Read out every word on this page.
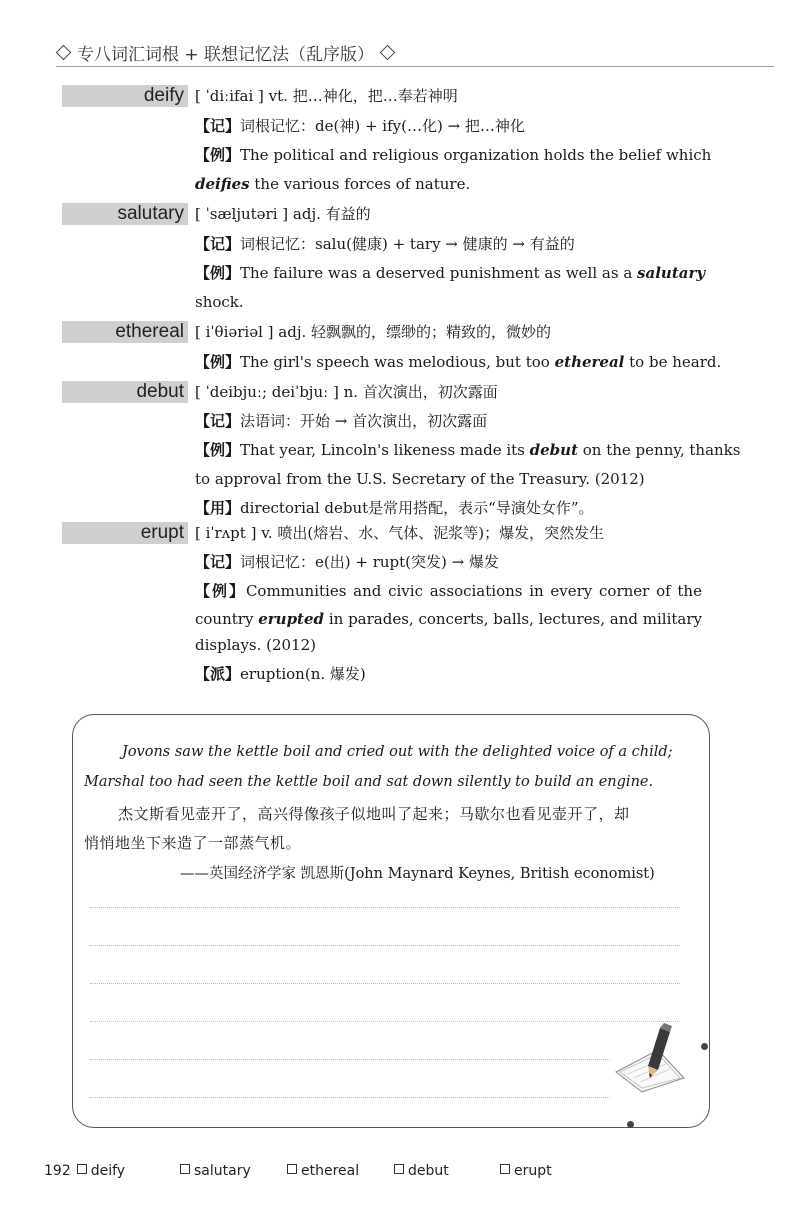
专八词汇词根 + 联想记忆法（乱序版）
deify [ ˈdiːifai ] vt. 把…神化，把…奉若神明
【记】词根记忆：de(神) + ify(…化) → 把…神化
【例】The political and religious organization holds the belief which
deifies the various forces of nature.
salutary [ ˈsæljutəri ] adj. 有益的
【记】词根记忆：salu(健康) + tary → 健康的 → 有益的
【例】The failure was a deserved punishment as well as a salutary
shock.
ethereal [ iˈθiəriəl ] adj. 轻飘飘的，缥缈的；精致的，微妙的
【例】The girl's speech was melodious, but too ethereal to be heard.
debut [ ˈdeibjuː; deiˈbjuː ] n. 首次演出，初次露面
【记】法语词：开始 → 首次演出，初次露面
【例】That year, Lincoln's likeness made its debut on the penny, thanks
to approval from the U.S. Secretary of the Treasury. (2012)
【用】directorial debut是常用搭配，表示“导演处女作”。
erupt [ iˈrʌpt ] v. 喷出(熔岩、水、气体、泥浆等)；爆发，突然发生
【记】词根记忆：e(出) + rupt(突发) → 爆发
【例】Communities and civic associations in every corner of the
country erupted in parades, concerts, balls, lectures, and military
displays. (2012)
【派】eruption(n. 爆发)
Jovons saw the kettle boil and cried out with the delighted voice of a child;
Marshal too had seen the kettle boil and sat down silently to build an engine.
杰文斯看见壶开了，高兴得像孩子似地叫了起来；马歇尔也看见壶开了，却
悄悄地坐下来造了一部蒸气机。
——英国经济学家 凯恩斯(John Maynard Keynes, British economist)
192 deify	salutary	ethereal	debut	erupt
